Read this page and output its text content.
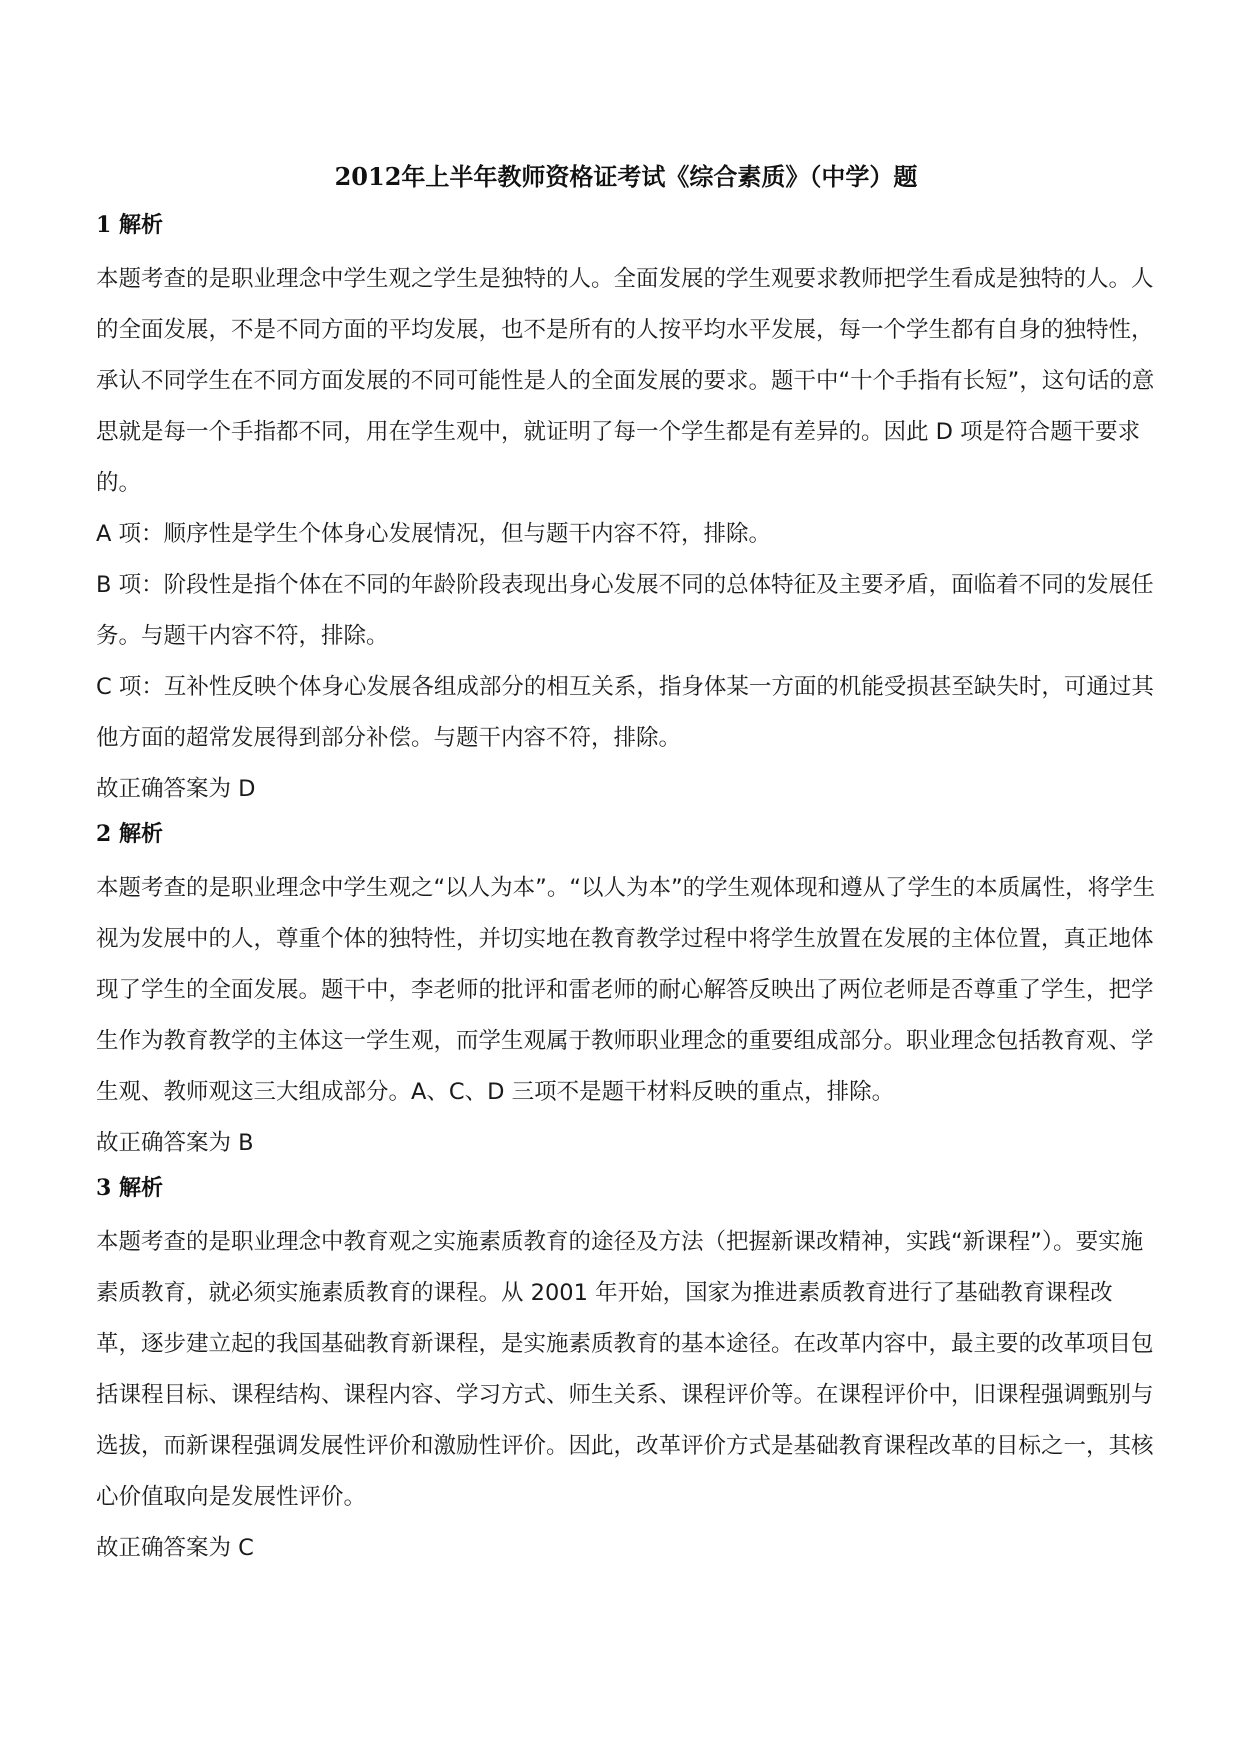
2012年上半年教师资格证考试《综合素质》（中学）题
1 解析

本题考查的是职业理念中学生观之学生是独特的人。全面发展的学生观要求教师把学生看成是独特的人。人的全面发展，不是不同方面的平均发展，也不是所有的人按平均水平发展，每一个学生都有自身的独特性，承认不同学生在不同方面发展的不同可能性是人的全面发展的要求。题干中“十个手指有长短”，这句话的意思就是每一个手指都不同，用在学生观中，就证明了每一个学生都是有差异的。因此 D 项是符合题干要求的。

A 项：顺序性是学生个体身心发展情况，但与题干内容不符，排除。

B 项：阶段性是指个体在不同的年龄阶段表现出身心发展不同的总体特征及主要矛盾，面临着不同的发展任务。与题干内容不符，排除。

C 项：互补性反映个体身心发展各组成部分的相互关系，指身体某一方面的机能受损甚至缺失时，可通过其他方面的超常发展得到部分补偿。与题干内容不符，排除。

故正确答案为 D

2 解析

本题考查的是职业理念中学生观之“以人为本”。“以人为本”的学生观体现和遵从了学生的本质属性，将学生视为发展中的人，尊重个体的独特性，并切实地在教育教学过程中将学生放置在发展的主体位置，真正地体现了学生的全面发展。题干中，李老师的批评和雷老师的耐心解答反映出了两位老师是否尊重了学生，把学生作为教育教学的主体这一学生观，而学生观属于教师职业理念的重要组成部分。职业理念包括教育观、学生观、教师观这三大组成部分。A、C、D 三项不是题干材料反映的重点，排除。

故正确答案为 B

3 解析

本题考查的是职业理念中教育观之实施素质教育的途径及方法（把握新课改精神，实践“新课程”）。要实施素质教育，就必须实施素质教育的课程。从 2001 年开始，国家为推进素质教育进行了基础教育课程改革，逐步建立起的我国基础教育新课程，是实施素质教育的基本途径。在改革内容中，最主要的改革项目包括课程目标、课程结构、课程内容、学习方式、师生关系、课程评价等。在课程评价中，旧课程强调甄别与选拔，而新课程强调发展性评价和激励性评价。因此，改革评价方式是基础教育课程改革的目标之一，其核心价值取向是发展性评价。

故正确答案为 C
